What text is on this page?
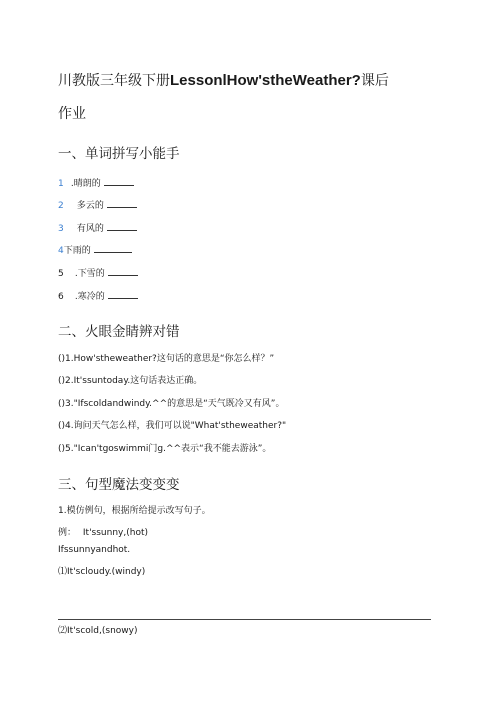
川教版三年级下册LessonlHow'stheWeather?课后
作业
一、单词拼写小能手
1 .晴朗的
2 多云的
3 有风的
4下雨的
5 .下雪的
6 .寒冷的
二、火眼金睛辨对错
()1.How'stheweather?这句话的意思是“你怎么样？”
()2.It'ssuntoday.这句话表达正确。
()3."Ifscoldandwindy.^^的意思是“天气既冷又有风”。
()4.询问天气怎么样，我们可以说"What'stheweather?"
()5."Ican'tgoswimmi门g.^^表示“我不能去游泳”。
三、句型魔法变变变
1.模仿例句，根据所给提示改写句子。
例： It'ssunny,(hot)
Ifssunnyandhot.
⑴It'scloudy.(windy)
⑵It'scold,(snowy)
